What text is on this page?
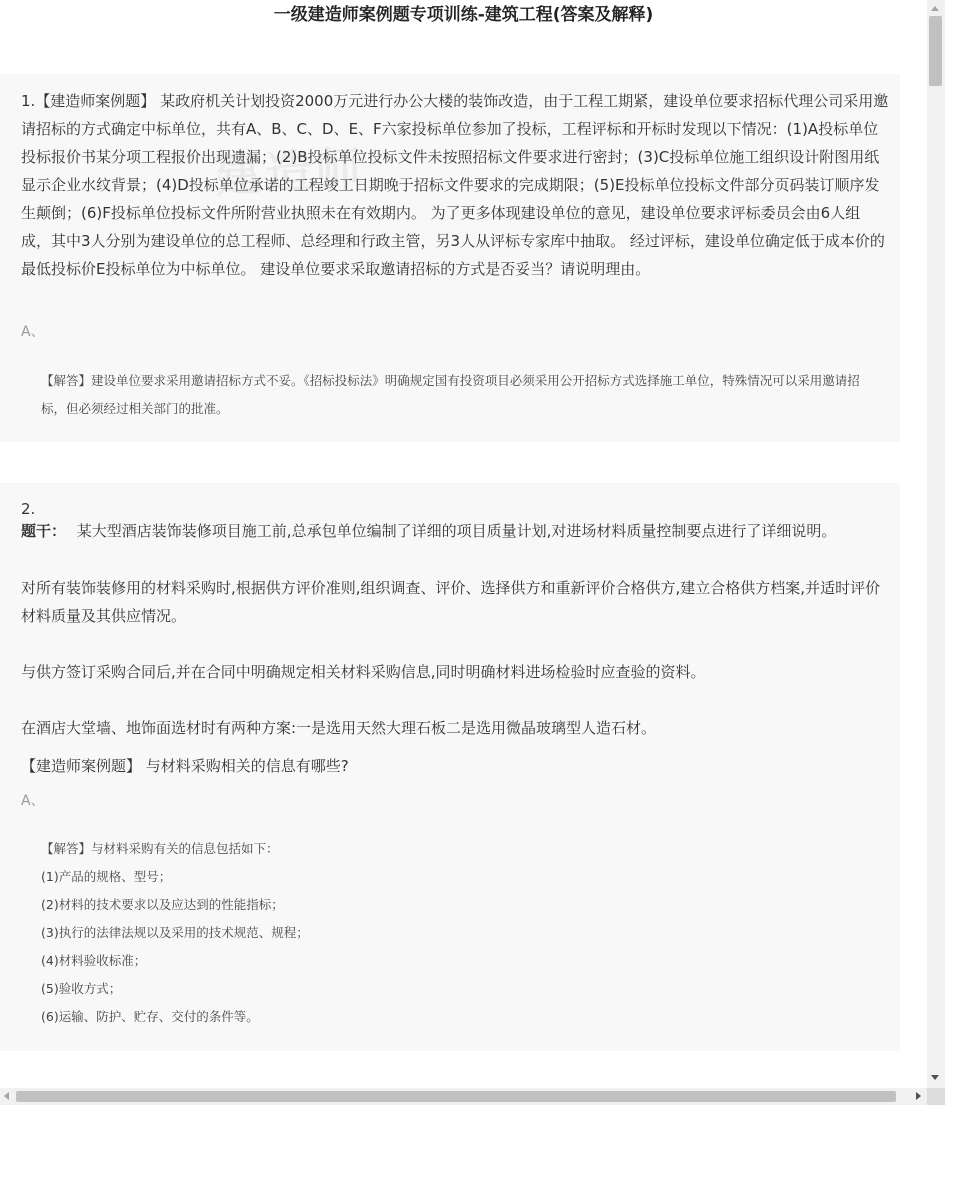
一级建造师案例题专项训练-建筑工程(答案及解释)
建造师
1.【建造师案例题】 某政府机关计划投资2000万元进行办公大楼的装饰改造，由于工程工期紧，建设单位要求招标代理公司采用邀请招标的方式确定中标单位，共有A、B、C、D、E、F六家投标单位参加了投标，工程评标和开标时发现以下情况：(1)A投标单位投标报价书某分项工程报价出现遗漏；(2)B投标单位投标文件未按照招标文件要求进行密封；(3)C投标单位施工组织设计附图用纸显示企业水纹背景；(4)D投标单位承诺的工程竣工日期晚于招标文件要求的完成期限；(5)E投标单位投标文件部分页码装订顺序发生颠倒；(6)F投标单位投标文件所附营业执照未在有效期内。 为了更多体现建设单位的意见，建设单位要求评标委员会由6人组成，其中3人分别为建设单位的总工程师、总经理和行政主管，另3人从评标专家库中抽取。 经过评标，建设单位确定低于成本价的最低投标价E投标单位为中标单位。 建设单位要求采取邀请招标的方式是否妥当？请说明理由。
A、
【解答】建设单位要求采用邀请招标方式不妥。《招标投标法》明确规定国有投资项目必须采用公开招标方式选择施工单位，特殊情况可以采用邀请招标，但必须经过相关部门的批准。
2.
题干： 某大型酒店装饰装修项目施工前,总承包单位编制了详细的项目质量计划,对进场材料质量控制要点进行了详细说明。
对所有装饰装修用的材料采购时,根据供方评价准则,组织调查、评价、选择供方和重新评价合格供方,建立合格供方档案,并适时评价材料质量及其供应情况。
与供方签订采购合同后,并在合同中明确规定相关材料采购信息,同时明确材料进场检验时应查验的资料。
在酒店大堂墙、地饰面选材时有两种方案:一是选用天然大理石板二是选用微晶玻璃型人造石材。
【建造师案例题】 与材料采购相关的信息有哪些?
A、
【解答】与材料采购有关的信息包括如下：
(1)产品的规格、型号；
(2)材料的技术要求以及应达到的性能指标；
(3)执行的法律法规以及采用的技术规范、规程；
(4)材料验收标准；
(5)验收方式；
(6)运输、防护、贮存、交付的条件等。
